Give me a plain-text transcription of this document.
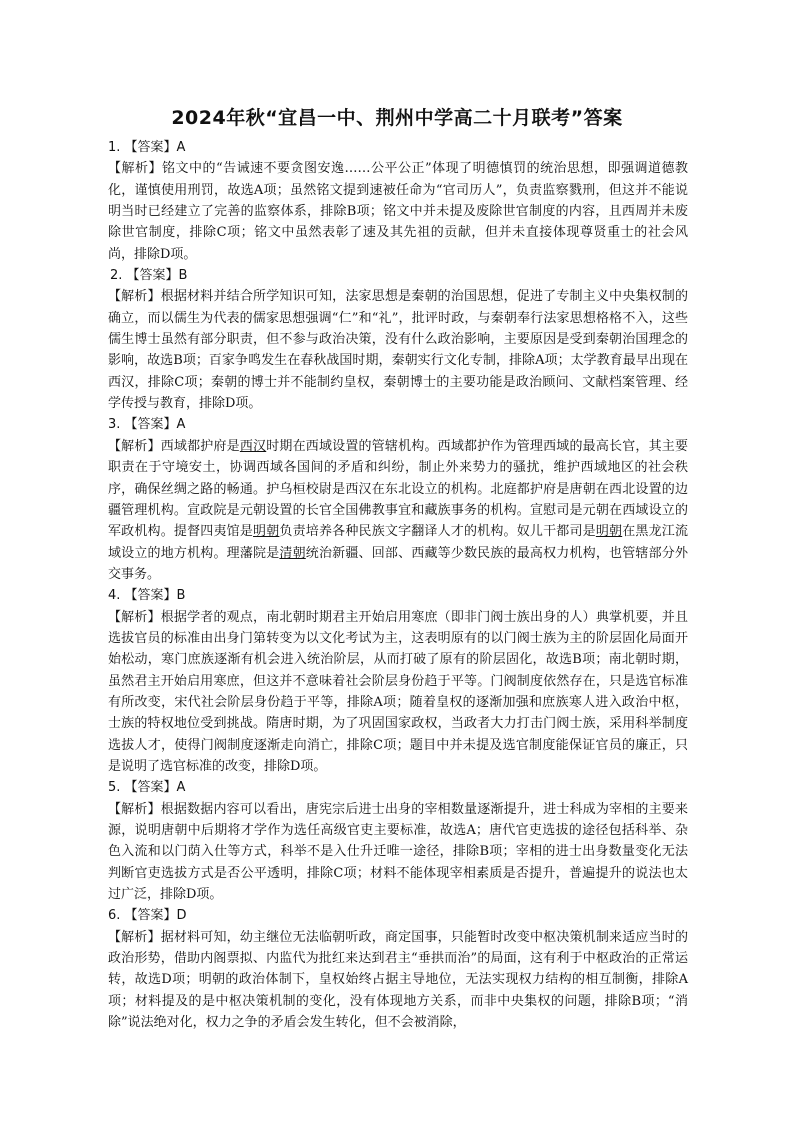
2024年秋“宜昌一中、荆州中学高二十月联考”答案

1. 【答案】A

【解析】铭文中的“告诫速不要贪图安逸……公平公正”体现了明德慎罚的统治思想，即强调道德教化，谨慎使用刑罚，故选A项；虽然铭文提到速被任命为“官司历人”，负责监察戮刑，但这并不能说明当时已经建立了完善的监察体系，排除B项；铭文中并未提及废除世官制度的内容，且西周并未废除世官制度，排除C项；铭文中虽然表彰了速及其先祖的贡献，但并未直接体现尊贤重士的社会风尚，排除D项。

2. 【答案】B

【解析】根据材料并结合所学知识可知，法家思想是秦朝的治国思想，促进了专制主义中央集权制的确立，而以儒生为代表的儒家思想强调“仁”和“礼”，批评时政，与秦朝奉行法家思想格格不入，这些儒生博士虽然有部分职责，但不参与政治决策，没有什么政治影响，主要原因是受到秦朝治国理念的影响，故选B项；百家争鸣发生在春秋战国时期，秦朝实行文化专制，排除A项；太学教育最早出现在西汉，排除C项；秦朝的博士并不能制约皇权，秦朝博士的主要功能是政治顾问、文献档案管理、经学传授与教育，排除D项。

3. 【答案】A

【解析】西域都护府是西汉时期在西域设置的管辖机构。西域都护作为管理西域的最高长官，其主要职责在于守境安土，协调西域各国间的矛盾和纠纷，制止外来势力的骚扰，维护西域地区的社会秩序，确保丝绸之路的畅通。护乌桓校尉是西汉在东北设立的机构。北庭都护府是唐朝在西北设置的边疆管理机构。宣政院是元朝设置的长官全国佛教事宜和藏族事务的机构。宣慰司是元朝在西域设立的军政机构。提督四夷馆是明朝负责培养各种民族文字翻译人才的机构。奴儿干都司是明朝在黑龙江流域设立的地方机构。理藩院是清朝统治新疆、回部、西藏等少数民族的最高权力机构，也管辖部分外交事务。

4. 【答案】B

【解析】根据学者的观点，南北朝时期君主开始启用寒庶（即非门阀士族出身的人）典掌机要，并且选拔官员的标准由出身门第转变为以文化考试为主，这表明原有的以门阀士族为主的阶层固化局面开始松动，寒门庶族逐渐有机会进入统治阶层，从而打破了原有的阶层固化，故选B项；南北朝时期，虽然君主开始启用寒庶，但这并不意味着社会阶层身份趋于平等。门阀制度依然存在，只是选官标准有所改变，宋代社会阶层身份趋于平等，排除A项；随着皇权的逐渐加强和庶族寒人进入政治中枢，士族的特权地位受到挑战。隋唐时期，为了巩固国家政权，当政者大力打击门阀士族，采用科举制度选拔人才，使得门阀制度逐渐走向消亡，排除C项；题目中并未提及选官制度能保证官员的廉正，只是说明了选官标准的改变，排除D项。

5. 【答案】A

【解析】根据数据内容可以看出，唐宪宗后进士出身的宰相数量逐渐提升，进士科成为宰相的主要来源，说明唐朝中后期将才学作为选任高级官吏主要标准，故选A；唐代官吏选拔的途径包括科举、杂色入流和以门荫入仕等方式，科举不是入仕升迁唯一途径，排除B项；宰相的进士出身数量变化无法判断官吏选拔方式是否公平透明，排除C项；材料不能体现宰相素质是否提升，普遍提升的说法也太过广泛，排除D项。

6. 【答案】D

【解析】据材料可知，幼主继位无法临朝听政，商定国事，只能暂时改变中枢决策机制来适应当时的政治形势，借助内阁票拟、内监代为批红来达到君主“垂拱而治”的局面，这有利于中枢政治的正常运转，故选D项；明朝的政治体制下，皇权始终占据主导地位，无法实现权力结构的相互制衡，排除A项；材料提及的是中枢决策机制的变化，没有体现地方关系，而非中央集权的问题，排除B项；“消除”说法绝对化，权力之争的矛盾会发生转化，但不会被消除，
